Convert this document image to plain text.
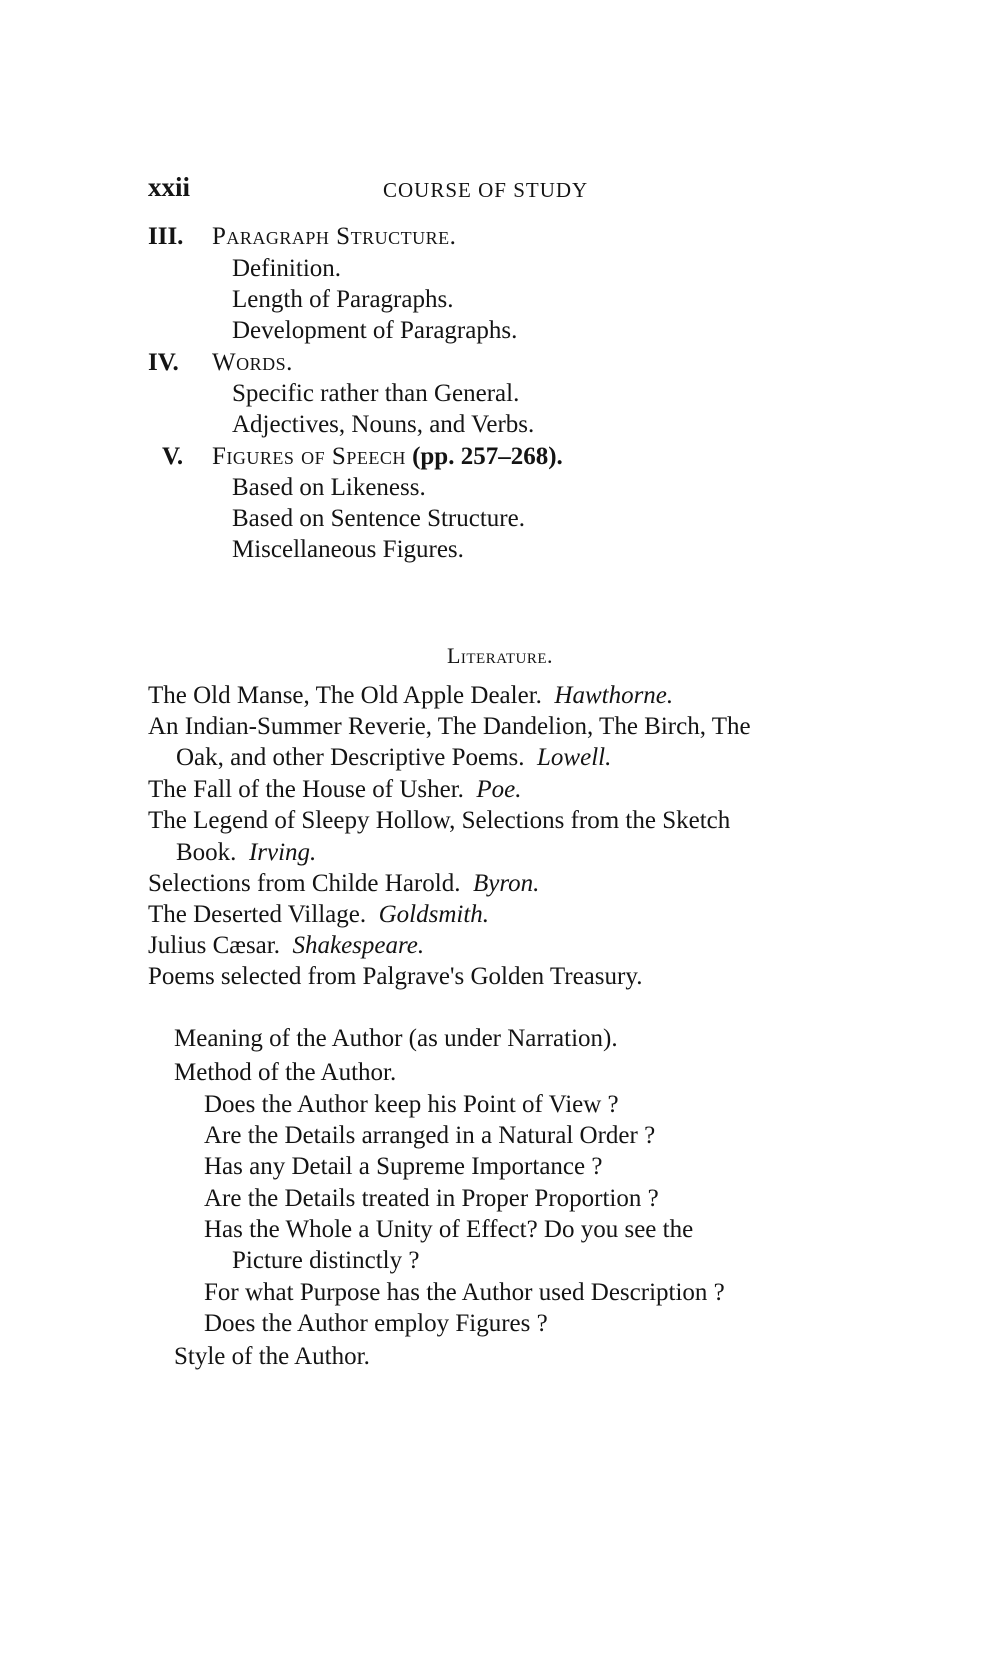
xxii	COURSE OF STUDY
III. Paragraph Structure.
Definition.
Length of Paragraphs.
Development of Paragraphs.
IV. Words.
Specific rather than General.
Adjectives, Nouns, and Verbs.
V. Figures of Speech (pp. 257–268).
Based on Likeness.
Based on Sentence Structure.
Miscellaneous Figures.
Literature.
The Old Manse, The Old Apple Dealer. Hawthorne.
An Indian-Summer Reverie, The Dandelion, The Birch, The
Oak, and other Descriptive Poems. Lowell.
The Fall of the House of Usher. Poe.
The Legend of Sleepy Hollow, Selections from the Sketch
Book. Irving.
Selections from Childe Harold. Byron.
The Deserted Village. Goldsmith.
Julius Cæsar. Shakespeare.
Poems selected from Palgrave's Golden Treasury.
Meaning of the Author (as under Narration).
Method of the Author.
Does the Author keep his Point of View ?
Are the Details arranged in a Natural Order ?
Has any Detail a Supreme Importance ?
Are the Details treated in Proper Proportion ?
Has the Whole a Unity of Effect? Do you see the
Picture distinctly ?
For what Purpose has the Author used Description ?
Does the Author employ Figures ?
Style of the Author.
